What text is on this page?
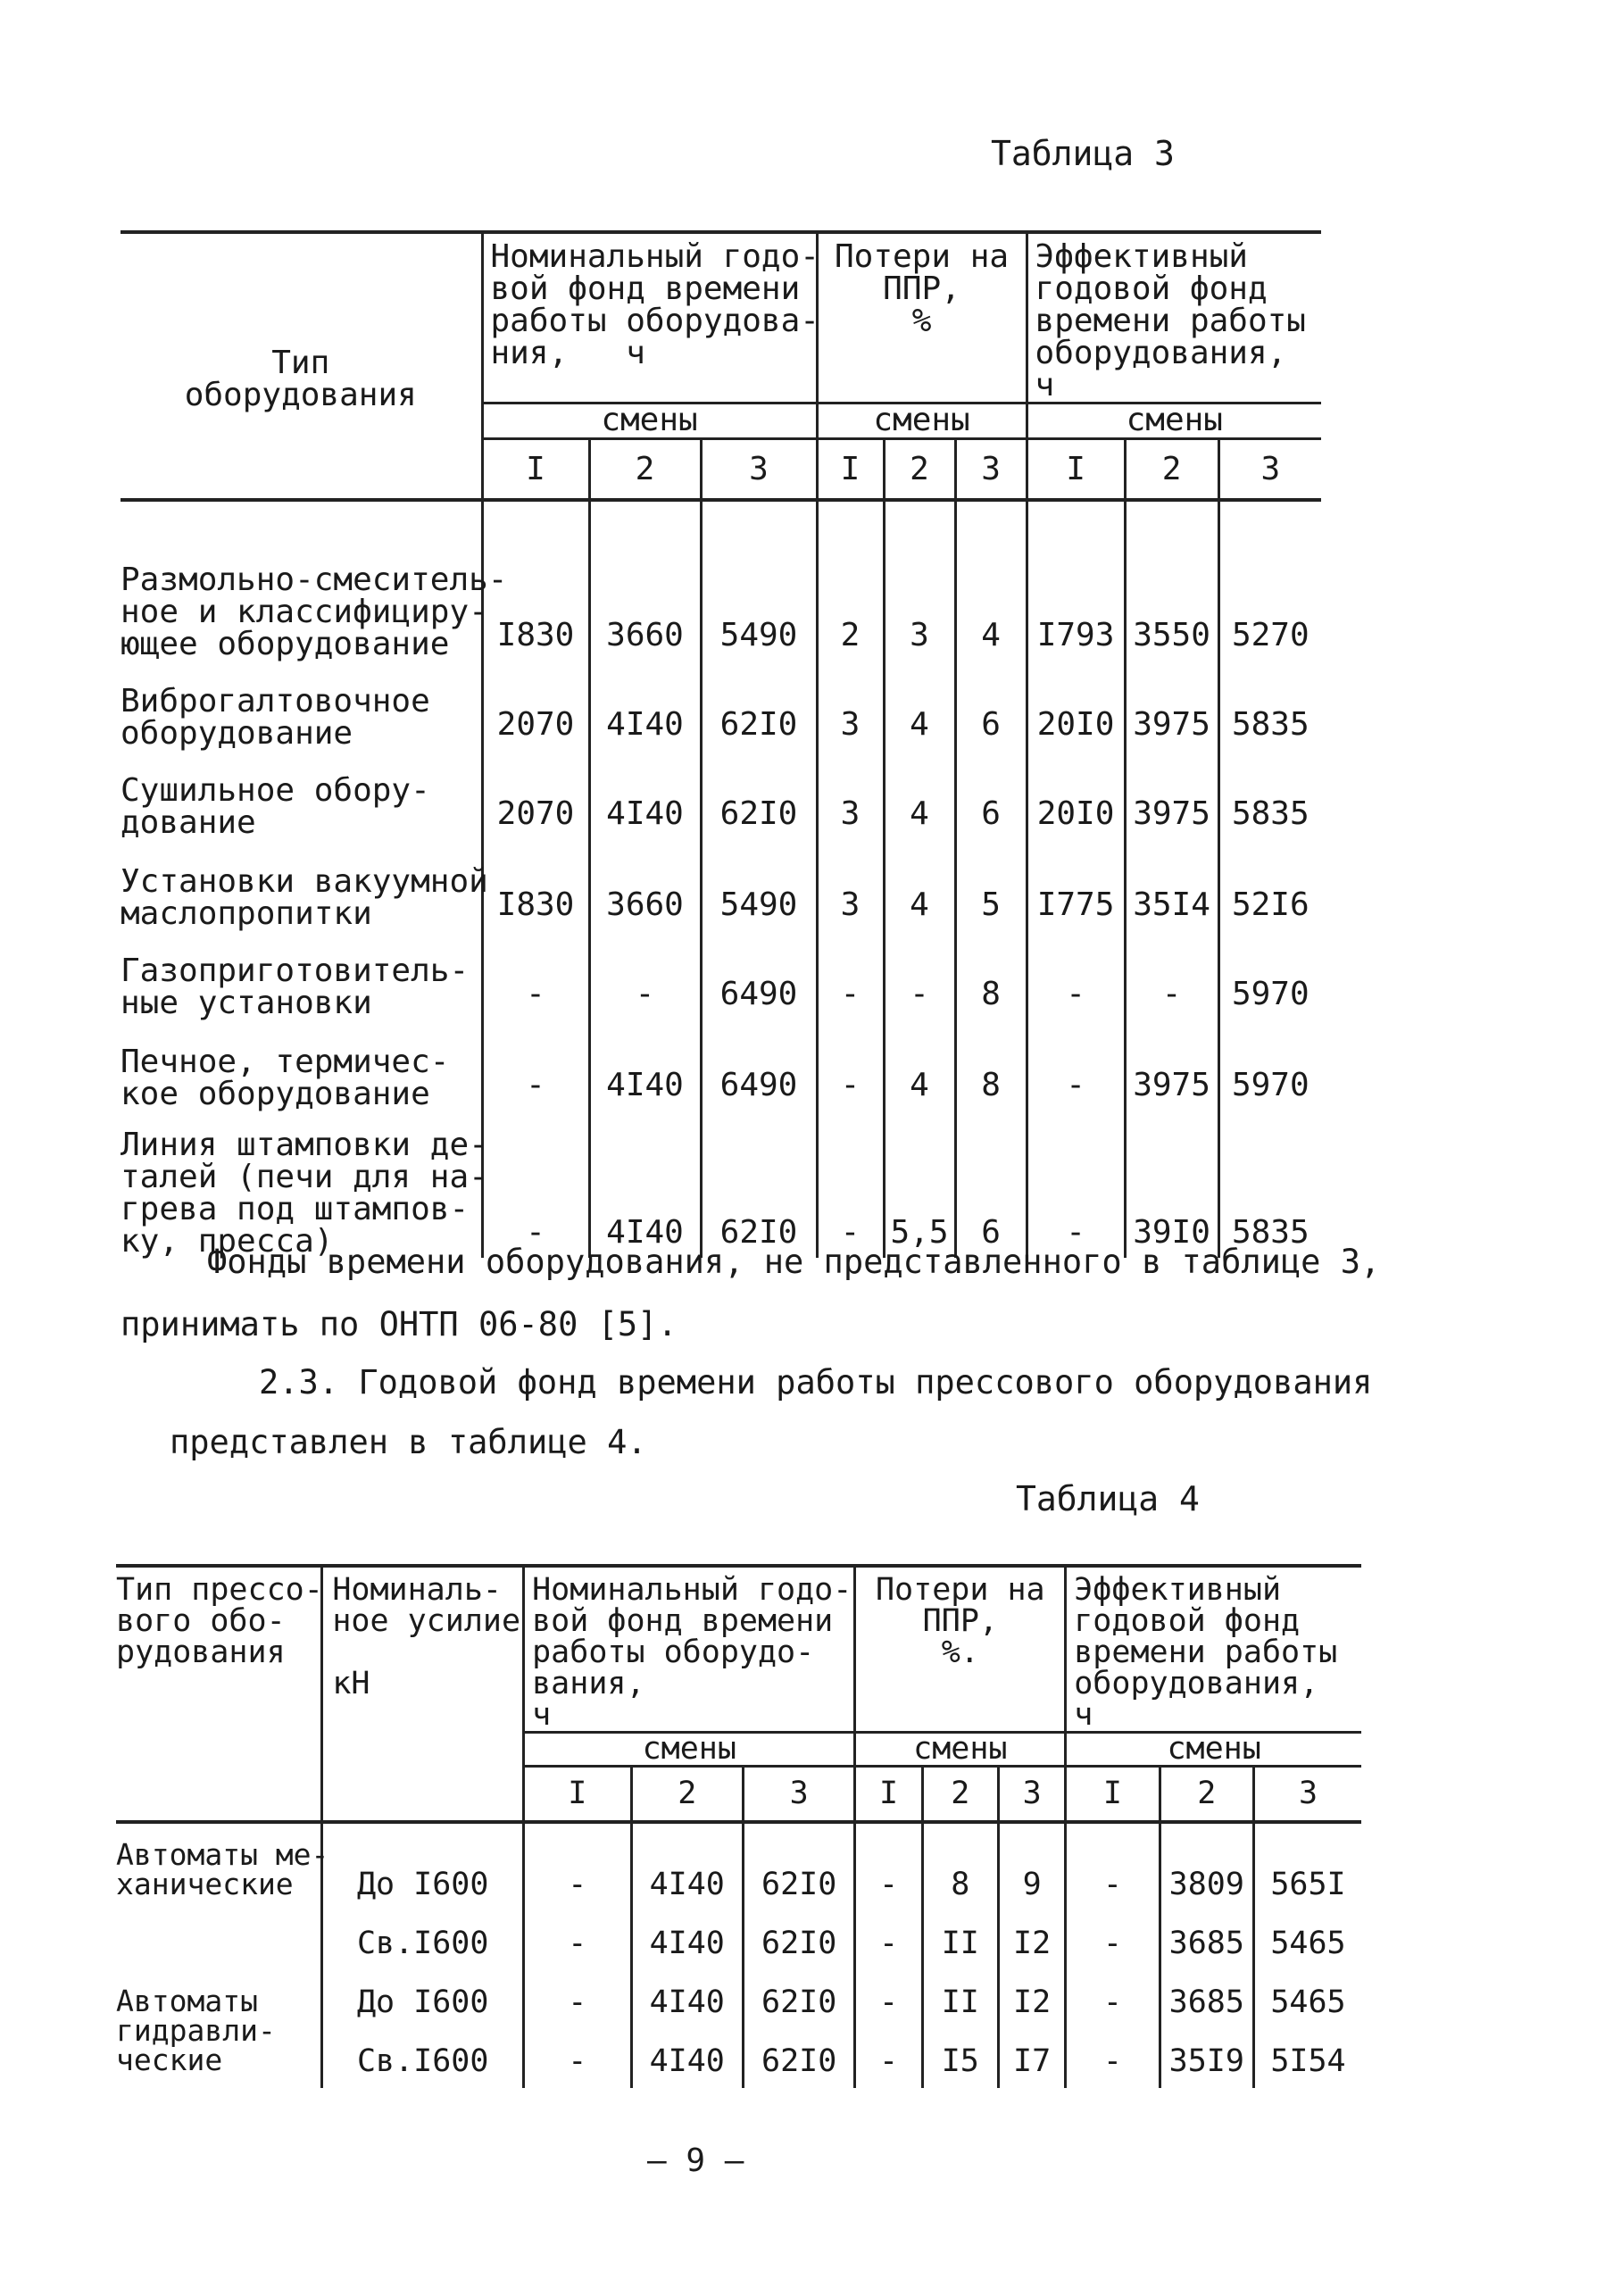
Таблица 3
Тип
оборудования	Номинальный годо-
вой фонд времени
работы оборудова-
ния,   ч			Потери на
ППР,
%			Эффективный
годовой фонд
времени работы
оборудования,
ч		

	смены			смены			смены		
	I	2	3	I	2	3	I	2	3
Размольно-смеситель-
ное и классифициру-
ющее оборудование	I830	3660	5490	2	3	4	I793	3550	5270
Виброгалтовочное
оборудование	2070	4I40	62I0	3	4	6	20I0	3975	5835
Сушильное обору-
дование	2070	4I40	62I0	3	4	6	20I0	3975	5835
Установки вакуумной
маслопропитки	I830	3660	5490	3	4	5	I775	35I4	52I6
Газоприготовитель-
ные установки	-	-	6490	-	-	8	-	-	5970
Печное, термичес-
кое оборудование	-	4I40	6490	-	4	8	-	3975	5970
Линия штамповки де-
талей (печи для на-
грева под штампов-
ку, пресса)	-	4I40	62I0	-	5,5	6	-	39I0	5835
Фонды времени оборудования, не представленного в таблице 3,
принимать по ОНТП 06-80 [5].
2.3. Годовой фонд времени работы прессового оборудования
представлен в таблице 4.
Таблица 4
Тип прессо-
вого обо-
рудования	Номиналь-
ное усилие

кН	Номинальный годо-
вой фонд времени
работы оборудо-
вания,
ч			Потери на
ППР,
%.			Эффективный
годовой фонд
времени работы
оборудования,
ч		

		смены			смены			смены		
		I	2	3	I	2	3	I	2	3
Автоматы ме-
ханические	До I600	-	4I40	62I0	-	8	9	-	3809	565I
	Св.I600	-	4I40	62I0	-	II	I2	-	3685	5465
Автоматы
гидравли-
ческие	До I600	-	4I40	62I0	-	II	I2	-	3685	5465
	Св.I600	-	4I40	62I0	-	I5	I7	-	35I9	5I54
— 9 —
